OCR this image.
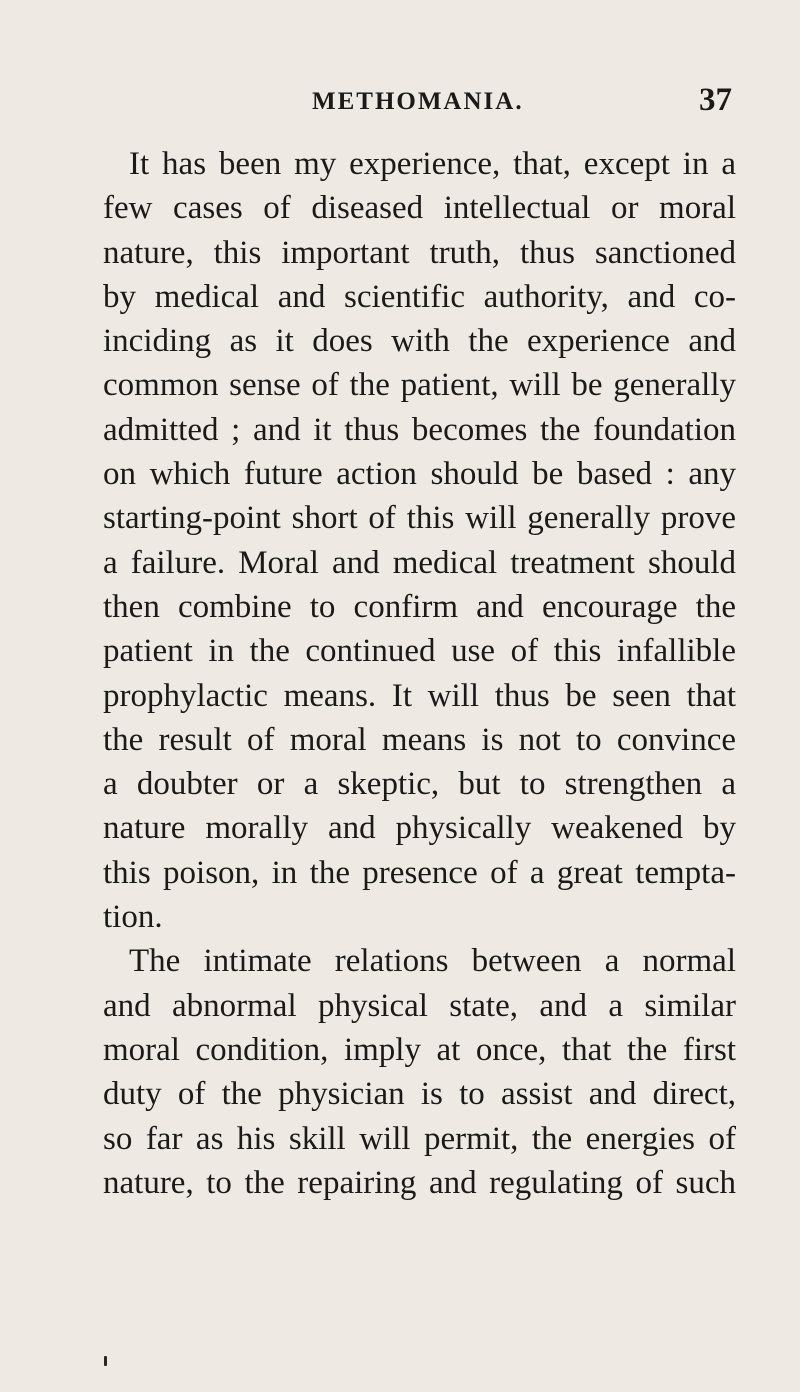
METHOMANIA.	37
It has been my experience, that, except in a
few cases of diseased intellectual or moral
nature, this important truth, thus sanctioned
by medical and scientific authority, and co-
inciding as it does with the experience and
common sense of the patient, will be generally
admitted ; and it thus becomes the foundation
on which future action should be based : any
starting-point short of this will generally prove
a failure. Moral and medical treatment should
then combine to confirm and encourage the
patient in the continued use of this infallible
prophylactic means. It will thus be seen that
the result of moral means is not to convince
a doubter or a skeptic, but to strengthen a
nature morally and physically weakened by
this poison, in the presence of a great tempta-
tion.
The intimate relations between a normal
and abnormal physical state, and a similar
moral condition, imply at once, that the first
duty of the physician is to assist and direct,
so far as his skill will permit, the energies of
nature, to the repairing and regulating of such
